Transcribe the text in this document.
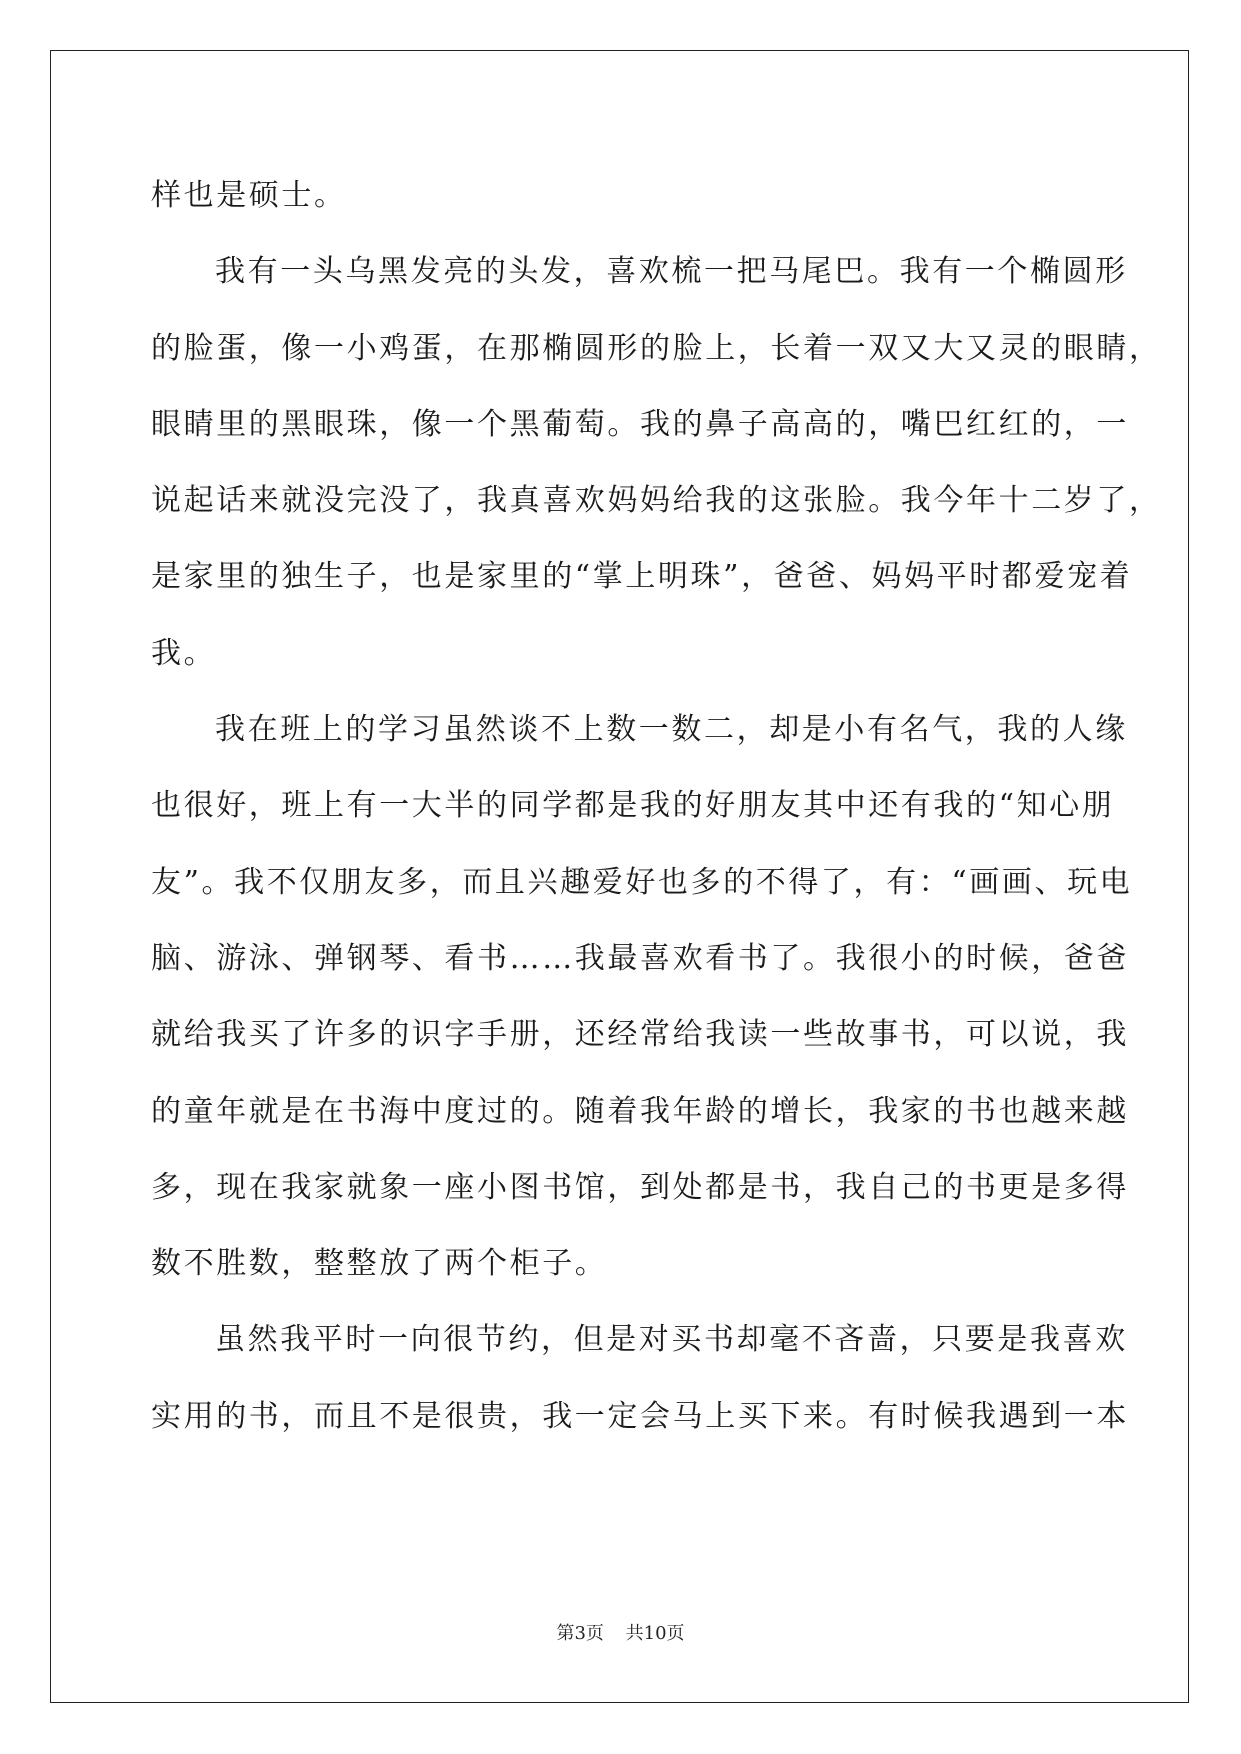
样也是硕士。
我有一头乌黑发亮的头发，喜欢梳一把马尾巴。我有一个椭圆形
的脸蛋，像一小鸡蛋，在那椭圆形的脸上，长着一双又大又灵的眼睛，
眼睛里的黑眼珠，像一个黑葡萄。我的鼻子高高的，嘴巴红红的，一
说起话来就没完没了，我真喜欢妈妈给我的这张脸。我今年十二岁了，
是家里的独生子，也是家里的“掌上明珠”，爸爸、妈妈平时都爱宠着
我。
我在班上的学习虽然谈不上数一数二，却是小有名气，我的人缘
也很好，班上有一大半的同学都是我的好朋友其中还有我的“知心朋
友”。我不仅朋友多，而且兴趣爱好也多的不得了，有：“画画、玩电
脑、游泳、弹钢琴、看书……我最喜欢看书了。我很小的时候，爸爸
就给我买了许多的识字手册，还经常给我读一些故事书，可以说，我
的童年就是在书海中度过的。随着我年龄的增长，我家的书也越来越
多，现在我家就象一座小图书馆，到处都是书，我自己的书更是多得
数不胜数，整整放了两个柜子。
虽然我平时一向很节约，但是对买书却毫不吝啬，只要是我喜欢
实用的书，而且不是很贵，我一定会马上买下来。有时候我遇到一本
第3页 共10页
